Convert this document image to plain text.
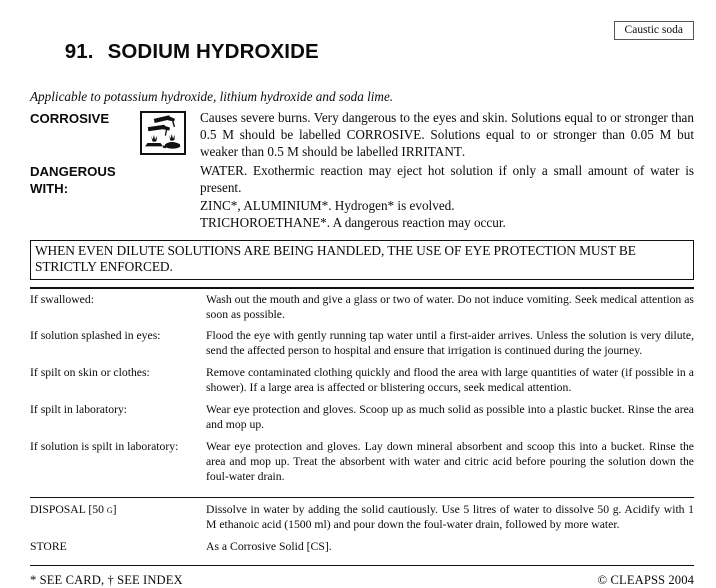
91. SODIUM HYDROXIDE

Caustic soda
Applicable to potassium hydroxide, lithium hydroxide and soda lime.
CORROSIVE	Causes severe burns. Very dangerous to the eyes and skin. Solutions equal to or stronger than 0.5 M should be labelled CORROSIVE. Solutions equal to or stronger than 0.05 M but weaker than 0.5 M should be labelled IRRITANT.

DANGEROUS WITH:

WATER. Exothermic reaction may eject hot solution if only a small amount of water is present.

ZINC*, ALUMINIUM*. Hydrogen* is evolved.

TRICHOROETHANE*. A dangerous reaction may occur.

WHEN EVEN DILUTE SOLUTIONS ARE BEING HANDLED, THE USE OF EYE PROTECTION MUST BE STRICTLY ENFORCED.
If swallowed:	Wash out the mouth and give a glass or two of water. Do not induce vomiting. Seek medical attention as soon as possible.
If solution splashed in eyes:	Flood the eye with gently running tap water until a first-aider arrives. Unless the solution is very dilute, send the affected person to hospital and ensure that irrigation is continued during the journey.
If spilt on skin or clothes:	Remove contaminated clothing quickly and flood the area with large quantities of water (if possible in a shower). If a large area is affected or blistering occurs, seek medical attention.
If spilt in laboratory:	Wear eye protection and gloves. Scoop up as much solid as possible into a plastic bucket. Rinse the area and mop up.
If solution is spilt in laboratory:	Wear eye protection and gloves. Lay down mineral absorbent and scoop this into a bucket. Rinse the area and mop up. Treat the absorbent with water and citric acid before pouring the solution down the foul-water drain.
DISPOSAL [50 g]	Dissolve in water by adding the solid cautiously. Use 5 litres of water to dissolve 50 g. Acidify with 1 M ethanoic acid (1500 ml) and pour down the foul-water drain, followed by more water.
STORE	As a Corrosive Solid [CS].
* SEE CARD, † SEE INDEX	© CLEAPSS 2004
